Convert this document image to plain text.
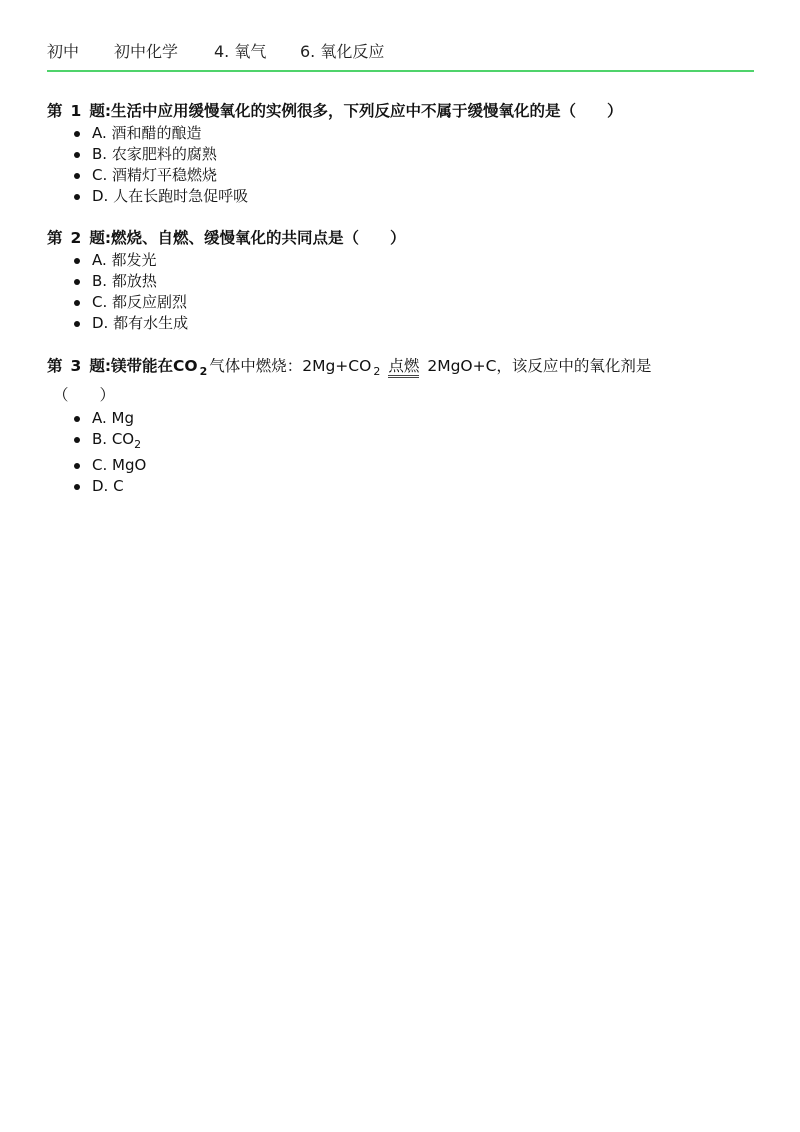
初中 初中化学 4. 氧气 6. 氧化反应
第 1 题:生活中应用缓慢氧化的实例很多，下列反应中不属于缓慢氧化的是（　　）
A. 酒和醋的酿造
B. 农家肥料的腐熟
C. 酒精灯平稳燃烧
D. 人在长跑时急促呼吸
第 2 题:燃烧、自燃、缓慢氧化的共同点是（　　）
A. 都发光
B. 都放热
C. 都反应剧烈
D. 都有水生成
第 3 题:镁带能在CO $_2$ 气体中燃烧：2Mg+CO $_2$ 点燃 2MgO+C，该反应中的氧化剂是
（　　）
A. Mg
B. $CO_2$
C. MgO
D. C
